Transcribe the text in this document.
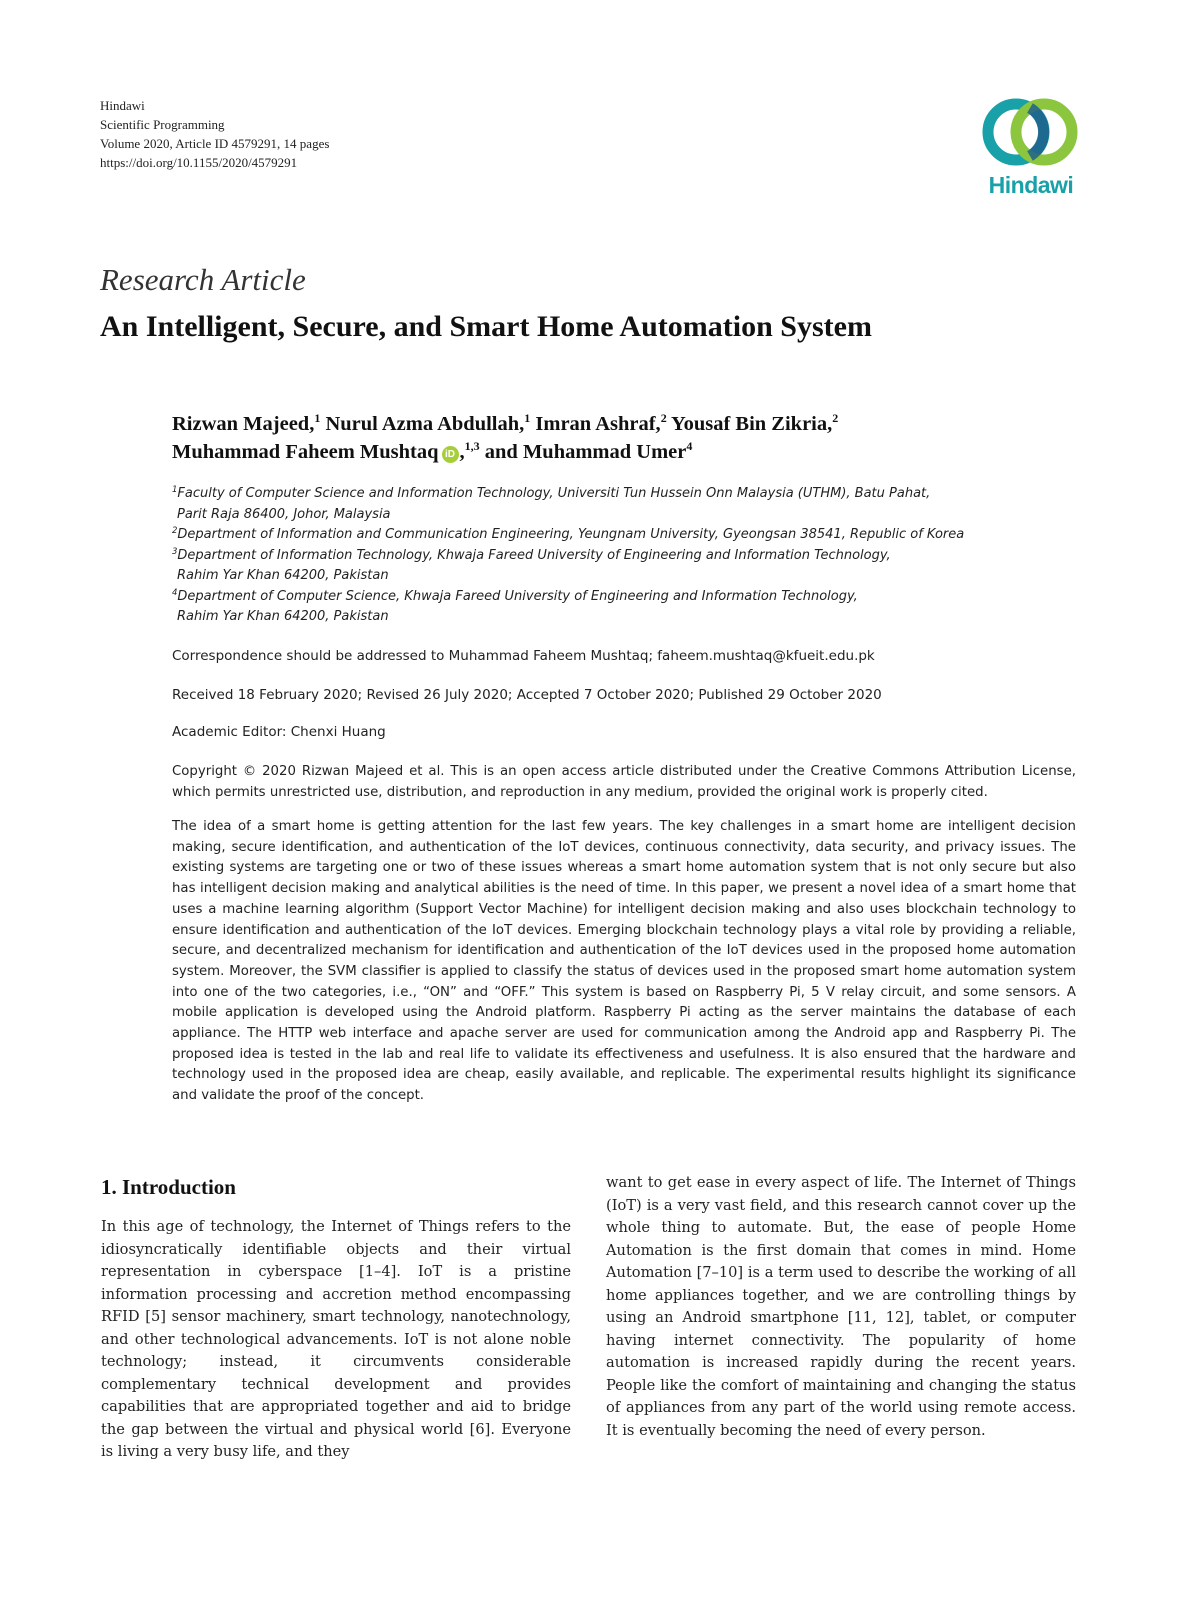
Hindawi
Scientific Programming
Volume 2020, Article ID 4579291, 14 pages
https://doi.org/10.1155/2020/4579291
Hindawi
Research Article
An Intelligent, Secure, and Smart Home Automation System
Rizwan Majeed,$^1$ Nurul Azma Abdullah,$^1$ Imran Ashraf,$^2$ Yousaf Bin Zikria,$^2$
Muhammad Faheem Mushtaq iD ,$^{1,3}$ and Muhammad Umer$^4$
$^1$Faculty of Computer Science and Information Technology, Universiti Tun Hussein Onn Malaysia (UTHM), Batu Pahat,
Parit Raja 86400, Johor, Malaysia
$^2$Department of Information and Communication Engineering, Yeungnam University, Gyeongsan 38541, Republic of Korea
$^3$Department of Information Technology, Khwaja Fareed University of Engineering and Information Technology,
Rahim Yar Khan 64200, Pakistan
$^4$Department of Computer Science, Khwaja Fareed University of Engineering and Information Technology,
Rahim Yar Khan 64200, Pakistan
Correspondence should be addressed to Muhammad Faheem Mushtaq; faheem.mushtaq@kfueit.edu.pk
Received 18 February 2020; Revised 26 July 2020; Accepted 7 October 2020; Published 29 October 2020
Academic Editor: Chenxi Huang
Copyright © 2020 Rizwan Majeed et al. This is an open access article distributed under the Creative Commons Attribution License, which permits unrestricted use, distribution, and reproduction in any medium, provided the original work is properly cited.
The idea of a smart home is getting attention for the last few years. The key challenges in a smart home are intelligent decision making, secure identification, and authentication of the IoT devices, continuous connectivity, data security, and privacy issues. The existing systems are targeting one or two of these issues whereas a smart home automation system that is not only secure but also has intelligent decision making and analytical abilities is the need of time. In this paper, we present a novel idea of a smart home that uses a machine learning algorithm (Support Vector Machine) for intelligent decision making and also uses blockchain technology to ensure identification and authentication of the IoT devices. Emerging blockchain technology plays a vital role by providing a reliable, secure, and decentralized mechanism for identification and authentication of the IoT devices used in the proposed home automation system. Moreover, the SVM classifier is applied to classify the status of devices used in the proposed smart home automation system into one of the two categories, i.e., “ON” and “OFF.” This system is based on Raspberry Pi, 5 V relay circuit, and some sensors. A mobile application is developed using the Android platform. Raspberry Pi acting as the server maintains the database of each appliance. The HTTP web interface and apache server are used for communication among the Android app and Raspberry Pi. The proposed idea is tested in the lab and real life to validate its effectiveness and usefulness. It is also ensured that the hardware and technology used in the proposed idea are cheap, easily available, and replicable. The experimental results highlight its significance and validate the proof of the concept.
1. Introduction
In this age of technology, the Internet of Things refers to the idiosyncratically identifiable objects and their virtual representation in cyberspace [1–4]. IoT is a pristine information processing and accretion method encompassing RFID [5] sensor machinery, smart technology, nanotechnology, and other technological advancements. IoT is not alone noble technology; instead, it circumvents considerable complementary technical development and provides capabilities that are appropriated together and aid to bridge the gap between the virtual and physical world [6]. Everyone is living a very busy life, and they
want to get ease in every aspect of life. The Internet of Things (IoT) is a very vast field, and this research cannot cover up the whole thing to automate. But, the ease of people Home Automation is the first domain that comes in mind. Home Automation [7–10] is a term used to describe the working of all home appliances together, and we are controlling things by using an Android smartphone [11, 12], tablet, or computer having internet connectivity. The popularity of home automation is increased rapidly during the recent years. People like the comfort of maintaining and changing the status of appliances from any part of the world using remote access. It is eventually becoming the need of every person.
